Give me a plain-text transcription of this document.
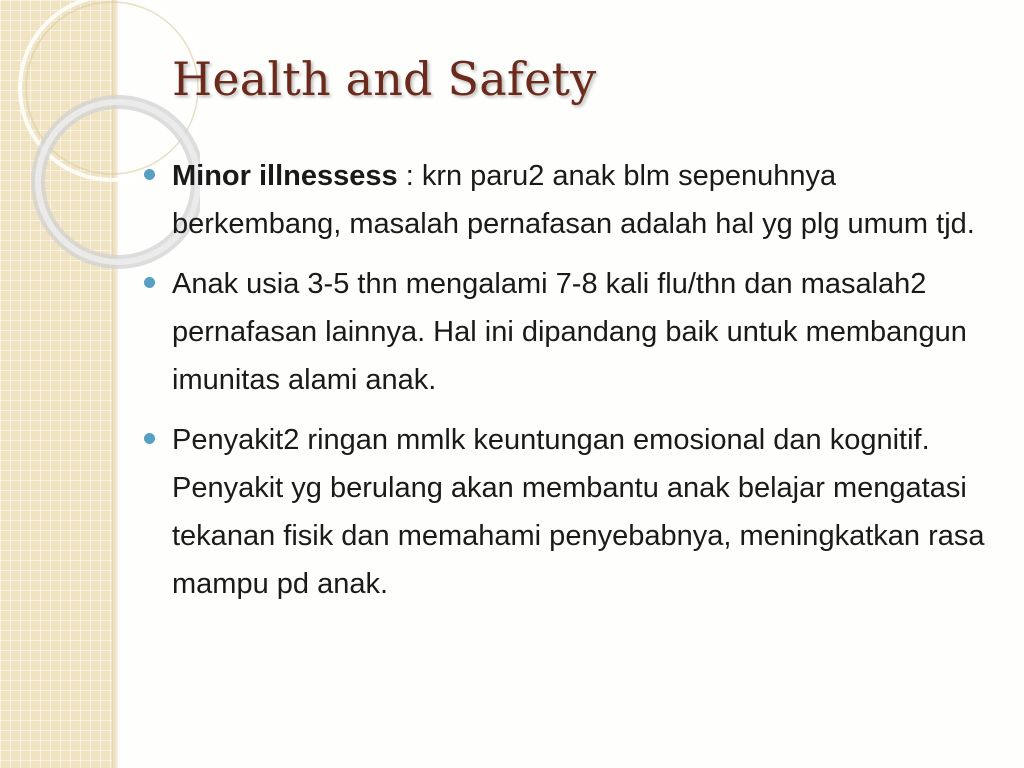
Health and Safety
Minor illnessess : krn paru2 anak blm sepenuhnya berkembang, masalah pernafasan adalah hal yg plg umum tjd.
Anak usia 3-5 thn mengalami 7-8 kali flu/thn dan masalah2 pernafasan lainnya. Hal ini dipandang baik untuk membangun imunitas alami anak.
Penyakit2 ringan mmlk keuntungan emosional dan kognitif. Penyakit yg berulang akan membantu anak belajar mengatasi tekanan fisik dan memahami penyebabnya, meningkatkan rasa mampu pd anak.
